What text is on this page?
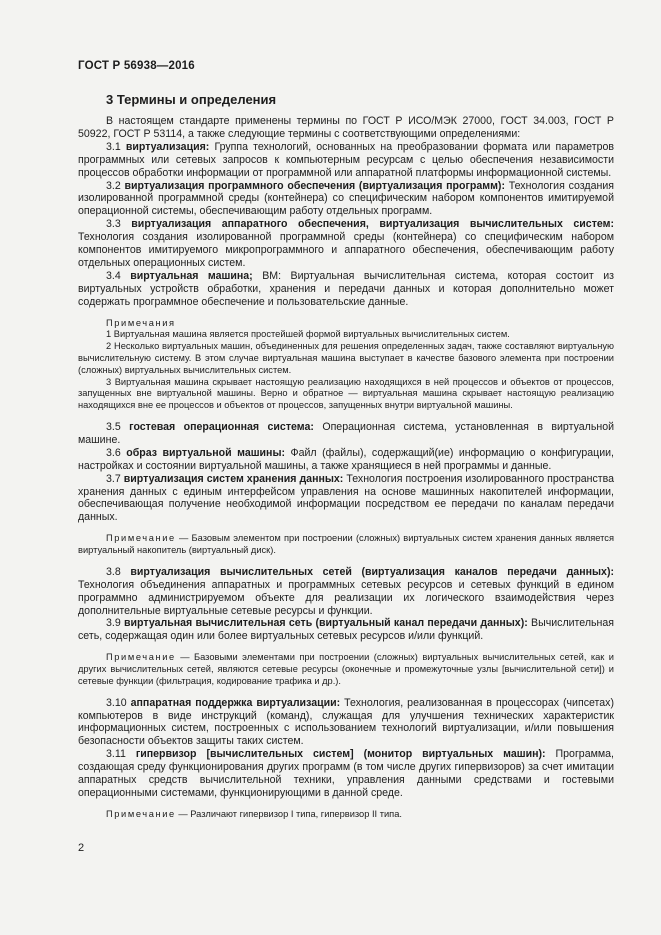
ГОСТ Р 56938—2016
3 Термины и определения

В настоящем стандарте применены термины по ГОСТ Р ИСО/МЭК 27000, ГОСТ 34.003, ГОСТ Р 50922, ГОСТ Р 53114, а также следующие термины с соответствующими определениями:

3.1 виртуализация: Группа технологий, основанных на преобразовании формата или параметров программных или сетевых запросов к компьютерным ресурсам с целью обеспечения независимости процессов обработки информации от программной или аппаратной платформы информационной системы.

3.2 виртуализация программного обеспечения (виртуализация программ): Технология создания изолированной программной среды (контейнера) со специфическим набором компонентов имитируемой операционной системы, обеспечивающим работу отдельных программ.

3.3 виртуализация аппаратного обеспечения, виртуализация вычислительных систем: Технология создания изолированной программной среды (контейнера) со специфическим набором компонентов имитируемого микропрограммного и аппаратного обеспечения, обеспечивающим работу отдельных операционных систем.

3.4 виртуальная машина; ВМ: Виртуальная вычислительная система, которая состоит из виртуальных устройств обработки, хранения и передачи данных и которая дополнительно может содержать программное обеспечение и пользовательские данные.

Примечания

1 Виртуальная машина является простейшей формой виртуальных вычислительных систем.

2 Несколько виртуальных машин, объединенных для решения определенных задач, также составляют виртуальную вычислительную систему. В этом случае виртуальная машина выступает в качестве базового элемента при построении (сложных) виртуальных вычислительных систем.

3 Виртуальная машина скрывает настоящую реализацию находящихся в ней процессов и объектов от процессов, запущенных вне виртуальной машины. Верно и обратное — виртуальная машина скрывает настоящую реализацию находящихся вне ее процессов и объектов от процессов, запущенных внутри виртуальной машины.

3.5 гостевая операционная система: Операционная система, установленная в виртуальной машине.

3.6 образ виртуальной машины: Файл (файлы), содержащий(ие) информацию о конфигурации, настройках и состоянии виртуальной машины, а также хранящиеся в ней программы и данные.

3.7 виртуализация систем хранения данных: Технология построения изолированного пространства хранения данных с единым интерфейсом управления на основе машинных накопителей информации, обеспечивающая получение необходимой информации посредством ее передачи по каналам передачи данных.

Примечание — Базовым элементом при построении (сложных) виртуальных систем хранения данных является виртуальный накопитель (виртуальный диск).

3.8 виртуализация вычислительных сетей (виртуализация каналов передачи данных): Технология объединения аппаратных и программных сетевых ресурсов и сетевых функций в едином программно администрируемом объекте для реализации их логического взаимодействия через дополнительные виртуальные сетевые ресурсы и функции.

3.9 виртуальная вычислительная сеть (виртуальный канал передачи данных): Вычислительная сеть, содержащая один или более виртуальных сетевых ресурсов и/или функций.

Примечание — Базовыми элементами при построении (сложных) виртуальных вычислительных сетей, как и других вычислительных сетей, являются сетевые ресурсы (оконечные и промежуточные узлы [вычислительной сети]) и сетевые функции (фильтрация, кодирование трафика и др.).

3.10 аппаратная поддержка виртуализации: Технология, реализованная в процессорах (чипсетах) компьютеров в виде инструкций (команд), служащая для улучшения технических характеристик информационных систем, построенных с использованием технологий виртуализации, и/или повышения безопасности объектов защиты таких систем.

3.11 гипервизор [вычислительных систем] (монитор виртуальных машин): Программа, создающая среду функционирования других программ (в том числе других гипервизоров) за счет имитации аппаратных средств вычислительной техники, управления данными средствами и гостевыми операционными системами, функционирующими в данной среде.

Примечание — Различают гипервизор I типа, гипервизор II типа.

2
